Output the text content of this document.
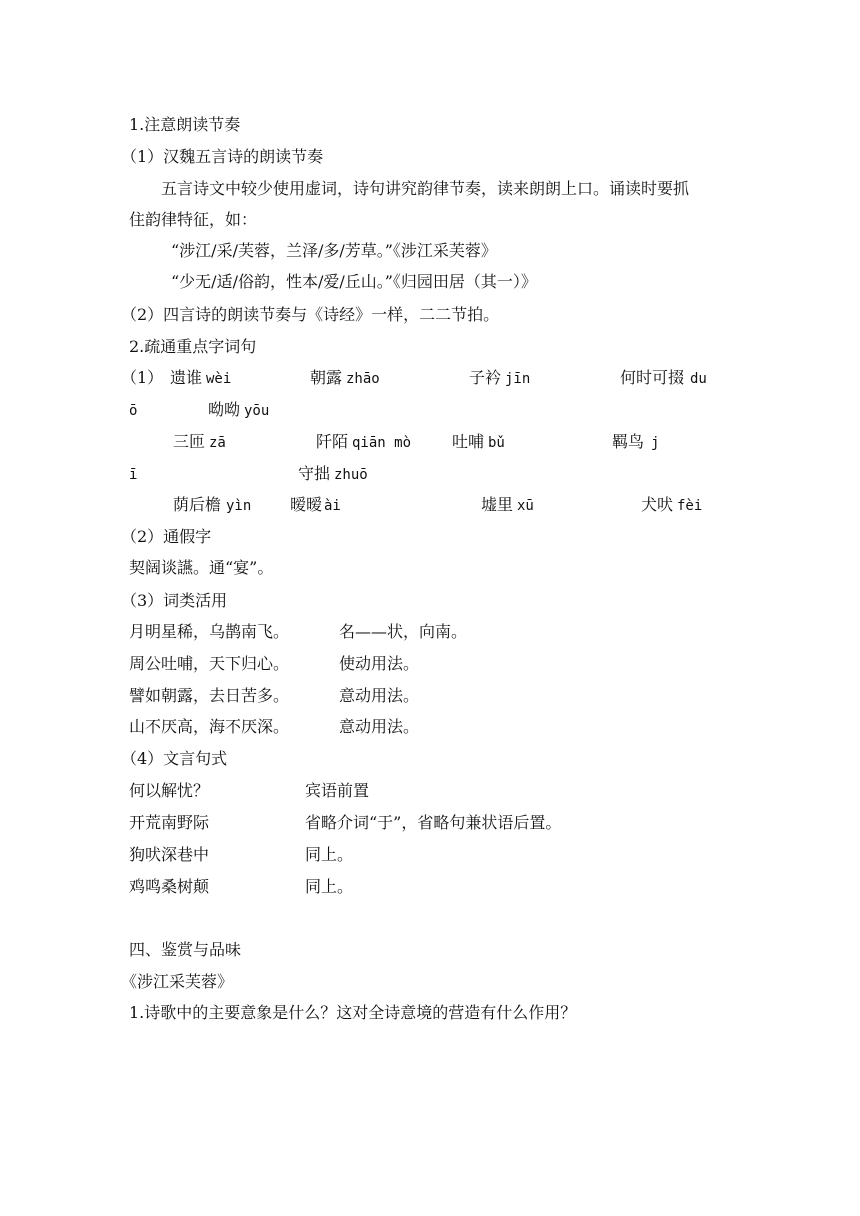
1.注意朗读节奏
（1）汉魏五言诗的朗读节奏
五言诗文中较少使用虚词，诗句讲究韵律节奏，读来朗朗上口。诵读时要抓
住韵律特征，如：
“涉江/采/芙蓉，兰泽/多/芳草。”《涉江采芙蓉》
“少无/适/俗韵，性本/爱/丘山。”《归园田居（其一）》
（2）四言诗的朗读节奏与《诗经》一样，二二节拍。
2.疏通重点字词句
（1） 遗谁 wèi	朝露 zhāo	子衿 jīn	何时可掇 du
ō	呦呦 yōu
三匝 zā	阡陌 qiān mò	吐哺 bǔ	羁鸟 j
ī	守拙 zhuō
荫后檐 yìn 暧暧 ài	墟里 xū	犬吠 fèi
（2）通假字
契阔谈讌。通“宴”。
（3）词类活用
月明星稀，乌鹊南飞。	名——状，向南。
周公吐哺，天下归心。	使动用法。
譬如朝露，去日苦多。	意动用法。
山不厌高，海不厌深。	意动用法。
（4）文言句式
何以解忧？	宾语前置
开荒南野际	省略介词“于”，省略句兼状语后置。
狗吠深巷中	同上。
鸡鸣桑树颠	同上。
四、鉴赏与品味
《涉江采芙蓉》
1.诗歌中的主要意象是什么？这对全诗意境的营造有什么作用？
